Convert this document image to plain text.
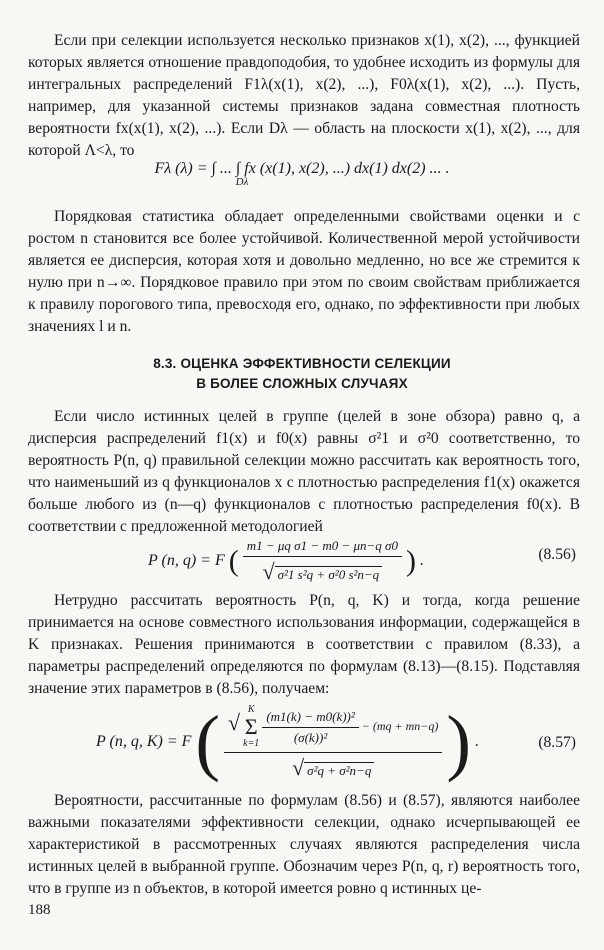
Если при селекции используется несколько признаков x(1), x(2), ..., функцией которых является отношение правдоподобия, то удобнее исходить из формулы для интегральных распределений F1λ(x(1), x(2), ...), F0λ(x(1), x(2), ...). Пусть, например, для указанной системы признаков задана совместная плотность вероятности fx(x(1), x(2), ...). Если Dλ — область на плоскости x(1), x(2), ..., для которой Λ<λ, то
Fλ (λ) = ∫ ... ∫ fx (x(1), x(2), ...) dx(1) dx(2) ... .
Dλ
Порядковая статистика обладает определенными свойствами оценки и с ростом n становится все более устойчивой. Количественной мерой устойчивости является ее дисперсия, которая хотя и довольно медленно, но все же стремится к нулю при n→∞. Порядковое правило при этом по своим свойствам приближается к правилу порогового типа, превосходя его, однако, по эффективности при любых значениях l и n.
8.3. ОЦЕНКА ЭФФЕКТИВНОСТИ СЕЛЕКЦИИ
В БОЛЕЕ СЛОЖНЫХ СЛУЧАЯХ
Если число истинных целей в группе (целей в зоне обзора) равно q, а дисперсия распределений f1(x) и f0(x) равны σ²1 и σ²0 соответственно, то вероятность P(n, q) правильной селекции можно рассчитать как вероятность того, что наименьший из q функционалов x с плотностью распределения f1(x) окажется больше любого из (n—q) функционалов с плотностью распределения f0(x). В соответствии с предложенной методологией
P (n, q) = F ( $\frac{\text{m1 − μq σ1 − m0 − μn−q σ0}}{\text{√ σ²1 s²q + σ²0 s²n−q}}$ ) .	(8.56)
Нетрудно рассчитать вероятность P(n, q, K) и тогда, когда решение принимается на основе совместного использования информации, содержащейся в K признаках. Решения принимаются в соответствии с правилом (8.33), а параметры распределений определяются по формулам (8.13)—(8.15). Подставляя значение этих параметров в (8.56), получаем:
P (n, q, K) = F ( √ K
Σ
$k=1 \frac{\text{(m1(k) − m0(k))²}}{\text{(σ(k))²}} - (mq + mn-q)$
√ σ²q + σ²n−q	) .	(8.57)
Вероятности, рассчитанные по формулам (8.56) и (8.57), являются наиболее важными показателями эффективности селекции, однако исчерпывающей ее характеристикой в рассмотренных случаях являются распределения числа истинных целей в выбранной группе. Обозначим через P(n, q, r) вероятность того, что в группе из n объектов, в которой имеется ровно q истинных це-
188
